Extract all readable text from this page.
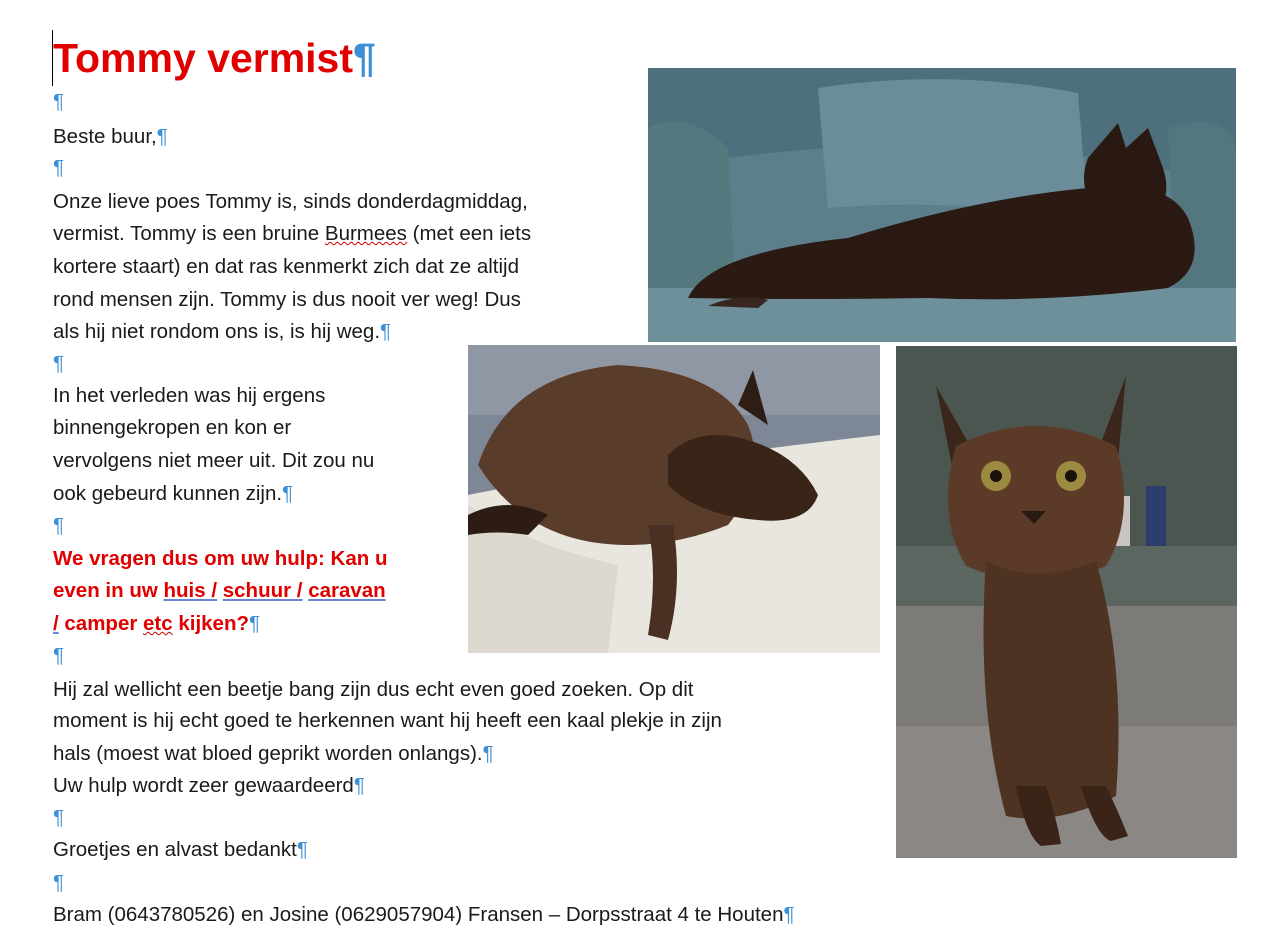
Tommy vermist¶
¶
Beste buur,¶
¶
Onze lieve poes Tommy is, sinds donderdagmiddag,
vermist. Tommy is een bruine Burmees (met een iets
kortere staart) en dat ras kenmerkt zich dat ze altijd
rond mensen zijn. Tommy is dus nooit ver weg! Dus
als hij niet rondom ons is, is hij weg.¶
¶
In het verleden was hij ergens
binnengekropen en kon er
vervolgens niet meer uit. Dit zou nu
ook gebeurd kunnen zijn.¶
¶
We vragen dus om uw hulp: Kan u
even in uw huis / schuur / caravan
/ camper etc kijken?¶
¶
Hij zal wellicht een beetje bang zijn dus echt even goed zoeken. Op dit
moment is hij echt goed te herkennen want hij heeft een kaal plekje in zijn
hals (moest wat bloed geprikt worden onlangs).¶
Uw hulp wordt zeer gewaardeerd¶
¶
Groetjes en alvast bedankt¶
¶
Bram (0643780526) en Josine (0629057904) Fransen – Dorpsstraat 4 te Houten¶
